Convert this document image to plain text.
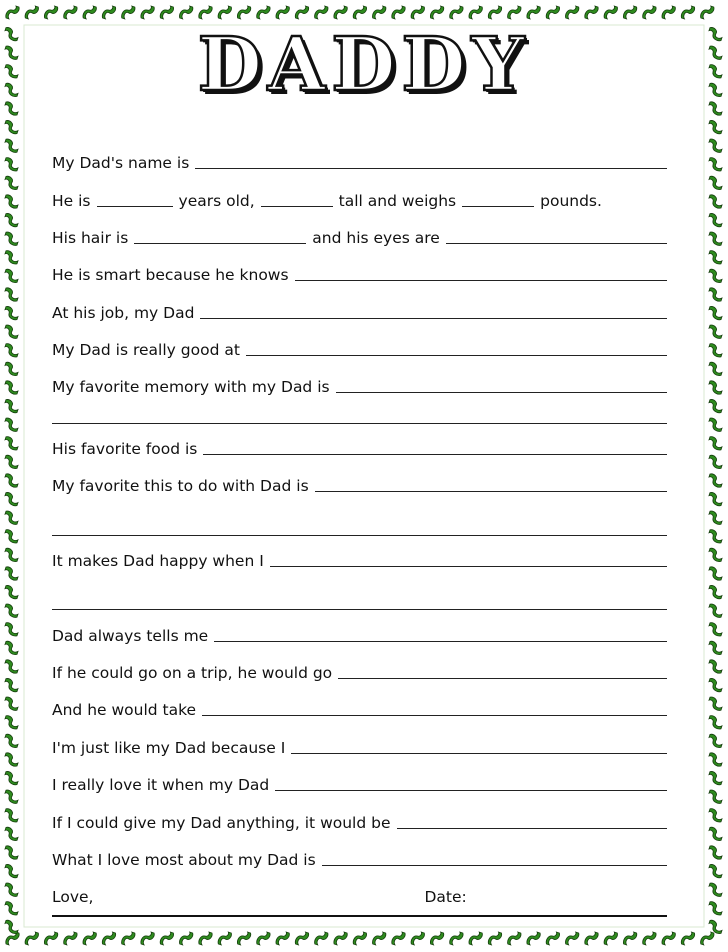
DADDY
My Dad's name is
He is	years old,	tall and weighs	pounds.
His hair is	and his eyes are
He is smart because he knows
At his job, my Dad
My Dad is really good at
My favorite memory with my Dad is
His favorite food is
My favorite this to do with Dad is
It makes Dad happy when I
Dad always tells me
If he could go on a trip, he would go
And he would take
I'm just like my Dad because I
I really love it when my Dad
If I could give my Dad anything, it would be
What I love most about my Dad is
Love,	Date:
